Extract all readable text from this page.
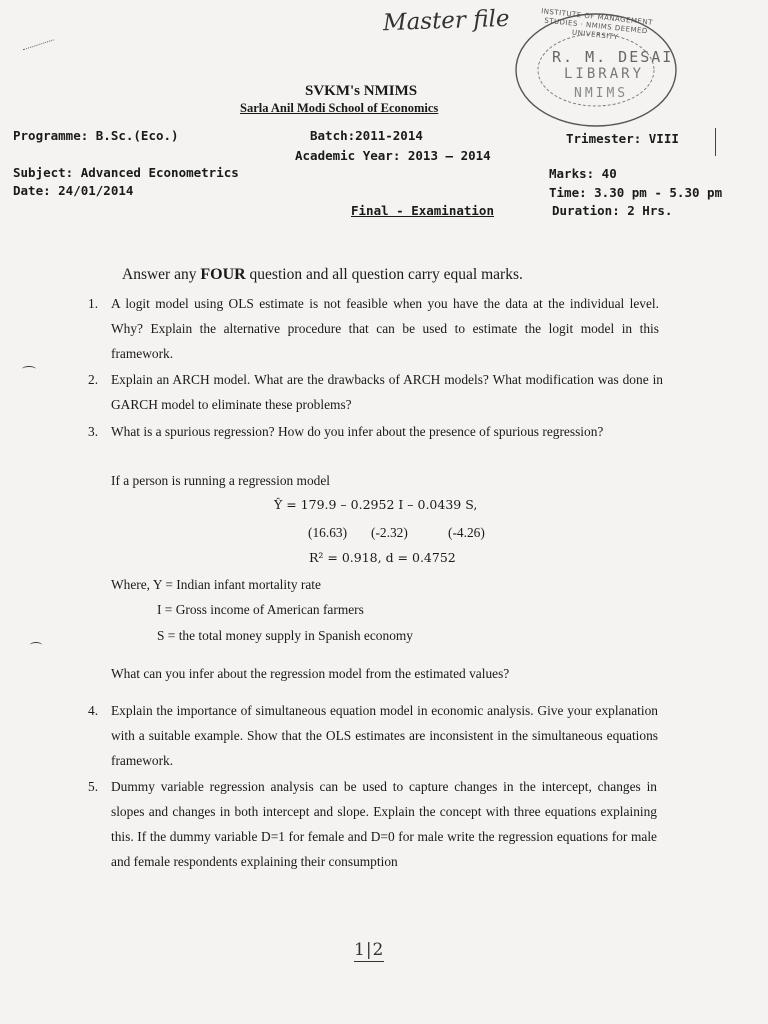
Master file	INSTITUTE OF MANAGEMENT STUDIES · NMIMS DEEMED UNIVERSITY
R. M. DESAI
LIBRARY
NMIMS
SVKM's NMIMS
Sarla Anil Modi School of Economics
Programme: B.Sc.(Eco.)	Batch:2011-2014	Trimester: VIII
Academic Year: 2013 – 2014
Subject: Advanced Econometrics	Marks: 40
Date: 24/01/2014	Time: 3.30 pm - 5.30 pm
Final - Examination	Duration: 2 Hrs.
Answer any FOUR question and all question carry equal marks.
1. A logit model using OLS estimate is not feasible when you have the data at the individual level. Why? Explain the alternative procedure that can be used to estimate the logit model in this framework.
2. Explain an ARCH model. What are the drawbacks of ARCH models? What modification was done in GARCH model to eliminate these problems?
3. What is a spurious regression? How do you infer about the presence of spurious regression?
If a person is running a regression model
Ŷ = 179.9 – 0.2952 I – 0.0439 S,
(16.63) (-2.32)	(-4.26)
R² = 0.918, d = 0.4752
Where, Y = Indian infant mortality rate
I = Gross income of American farmers
S = the total money supply in Spanish economy
What can you infer about the regression model from the estimated values?
4. Explain the importance of simultaneous equation model in economic analysis. Give your explanation with a suitable example. Show that the OLS estimates are inconsistent in the simultaneous equations framework.
5. Dummy variable regression analysis can be used to capture changes in the intercept, changes in slopes and changes in both intercept and slope. Explain the concept with three equations explaining this. If the dummy variable D=1 for female and D=0 for male write the regression equations for male and female respondents explaining their consumption
1|2
